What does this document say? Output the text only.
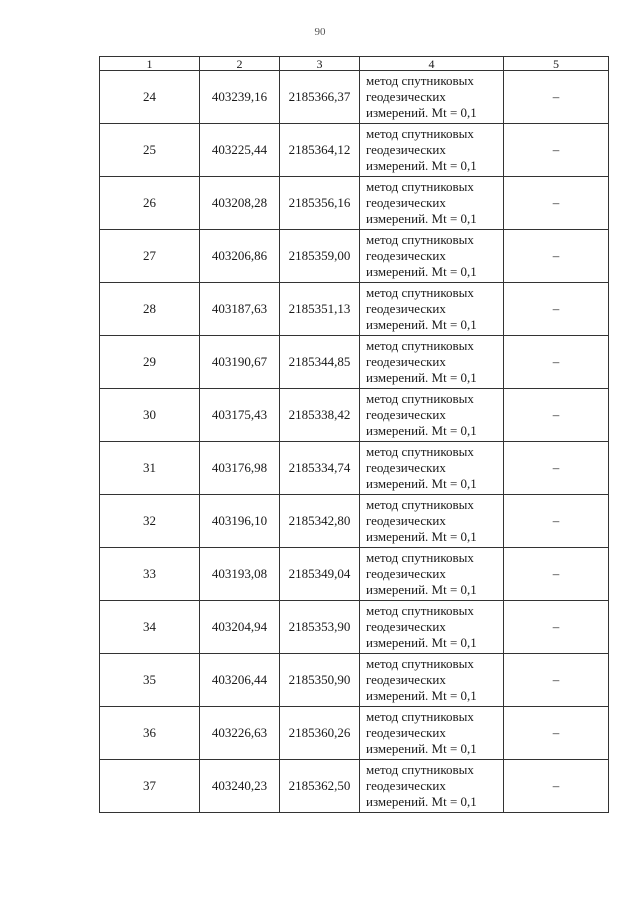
90
1	2	3	4	5
24	403239,16	2185366,37	метод спутниковых
геодезических
измерений. Mt = 0,1	–
25	403225,44	2185364,12	метод спутниковых
геодезических
измерений. Mt = 0,1	–
26	403208,28	2185356,16	метод спутниковых
геодезических
измерений. Mt = 0,1	–
27	403206,86	2185359,00	метод спутниковых
геодезических
измерений. Mt = 0,1	–
28	403187,63	2185351,13	метод спутниковых
геодезических
измерений. Mt = 0,1	–
29	403190,67	2185344,85	метод спутниковых
геодезических
измерений. Mt = 0,1	–
30	403175,43	2185338,42	метод спутниковых
геодезических
измерений. Mt = 0,1	–
31	403176,98	2185334,74	метод спутниковых
геодезических
измерений. Mt = 0,1	–
32	403196,10	2185342,80	метод спутниковых
геодезических
измерений. Mt = 0,1	–
33	403193,08	2185349,04	метод спутниковых
геодезических
измерений. Mt = 0,1	–
34	403204,94	2185353,90	метод спутниковых
геодезических
измерений. Mt = 0,1	–
35	403206,44	2185350,90	метод спутниковых
геодезических
измерений. Mt = 0,1	–
36	403226,63	2185360,26	метод спутниковых
геодезических
измерений. Mt = 0,1	–
37	403240,23	2185362,50	метод спутниковых
геодезических
измерений. Mt = 0,1	–
